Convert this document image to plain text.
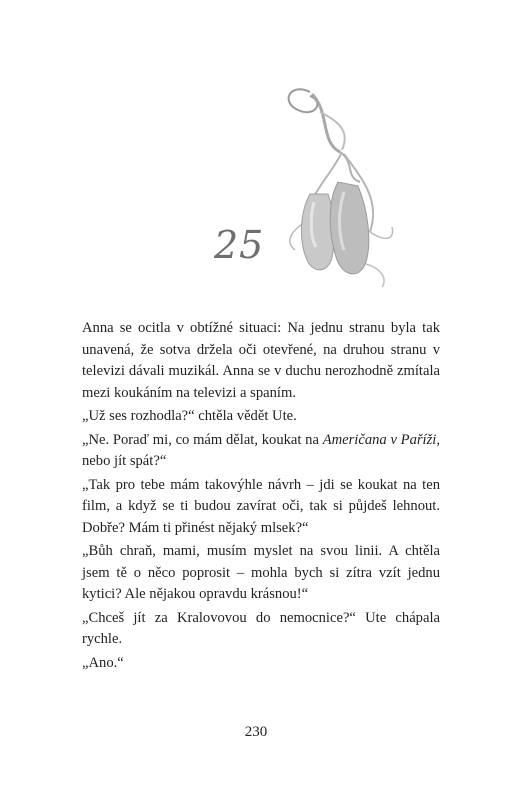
25

Anna se ocitla v obtížné situaci: Na jednu stranu byla tak unavená, že sotva držela oči otevřené, na druhou stranu v televizi dávali muzikál. Anna se v duchu nerozhodně zmítala mezi koukáním na televizi a spaním.

„Už ses rozhodla?“ chtěla vědět Ute.

„Ne. Poraď mi, co mám dělat, koukat na Američana v Paříži, nebo jít spát?“

„Tak pro tebe mám takovýhle návrh – jdi se koukat na ten film, a když se ti budou zavírat oči, tak si půjdeš lehnout. Dobře? Mám ti přinést nějaký mlsek?“

„Bůh chraň, mami, musím myslet na svou linii. A chtěla jsem tě o něco poprosit – mohla bych si zítra vzít jednu kytici? Ale nějakou opravdu krásnou!“

„Chceš jít za Kralovovou do nemocnice?“ Ute chápala rychle.

„Ano.“

230
